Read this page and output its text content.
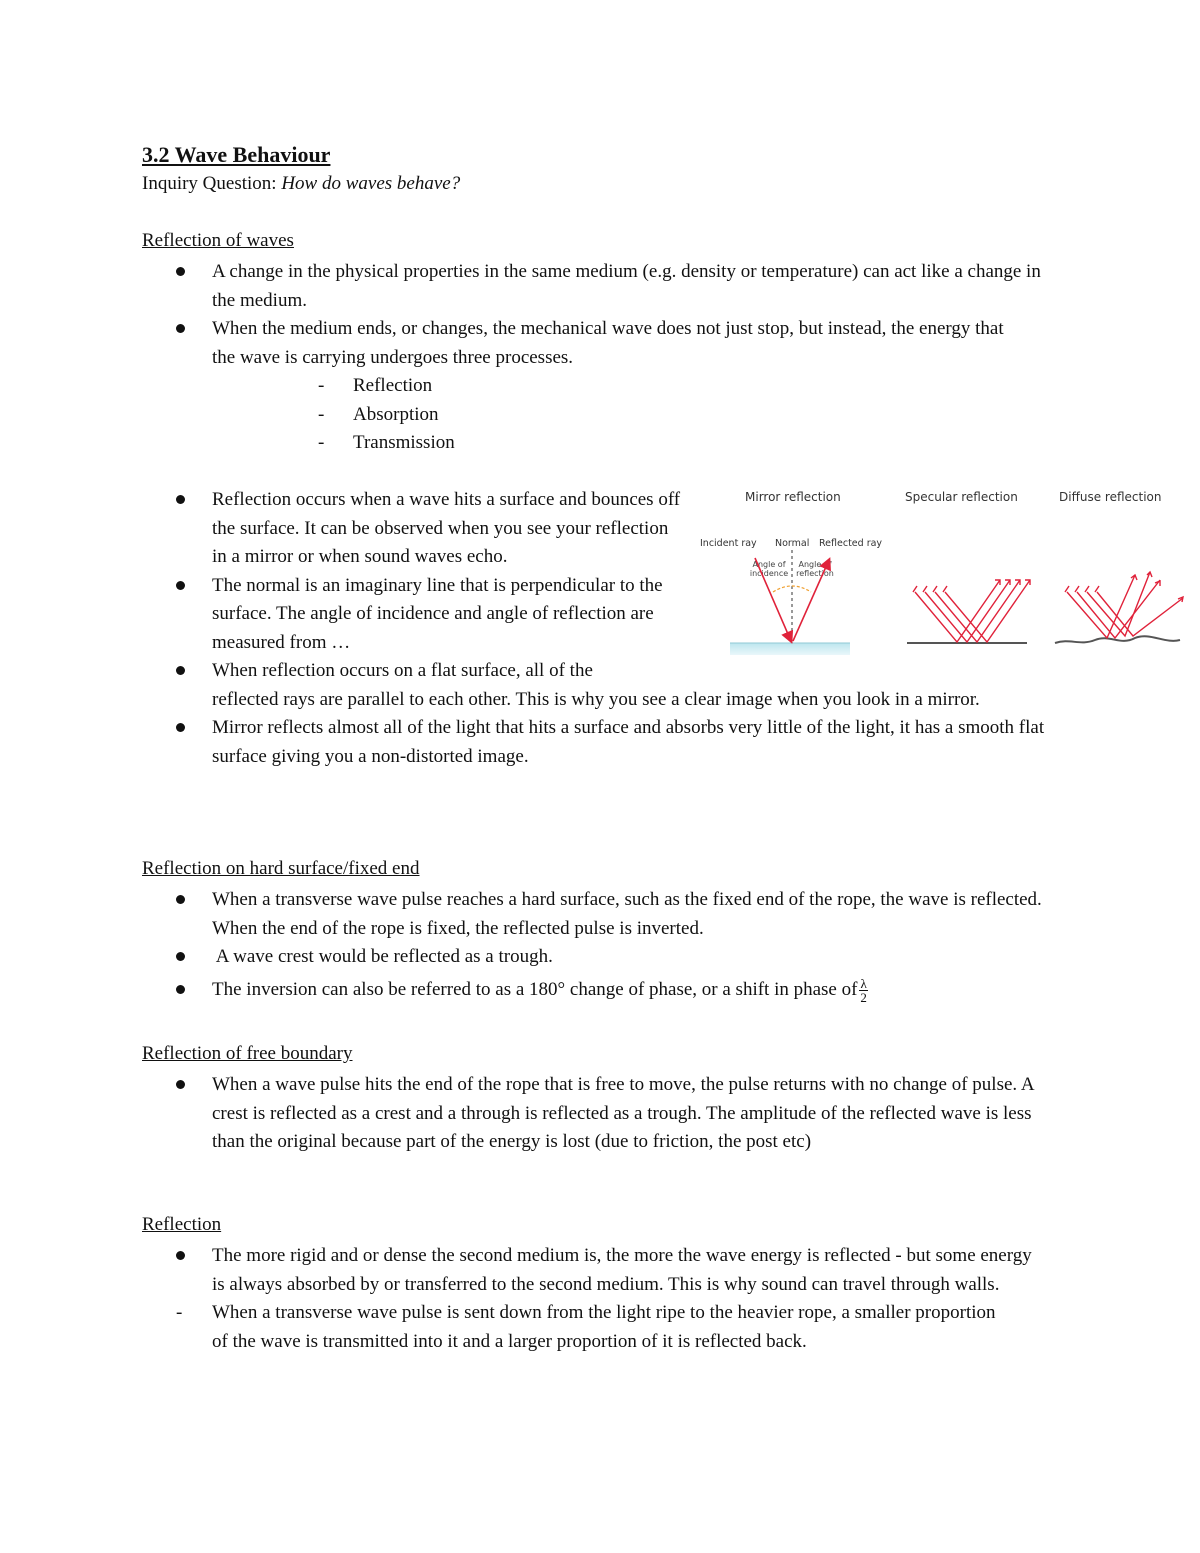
3.2 Wave Behaviour
Inquiry Question: How do waves behave?
Reflection of waves
A change in the physical properties in the same medium (e.g. density or temperature) can act like a change in the medium.
When the medium ends, or changes, the mechanical wave does not just stop, but instead, the energy that the wave is carrying undergoes three processes.
- Reflection
- Absorption
- Transmission
Reflection occurs when a wave hits a surface and bounces off the surface. It can be observed when you see your reflection in a mirror or when sound waves echo.
The normal is an imaginary line that is perpendicular to the surface. The angle of incidence and angle of reflection are measured from …
When reflection occurs on a flat surface, all of the
reflected rays are parallel to each other. This is why you see a clear image when you look in a mirror.
Mirror reflects almost all of the light that hits a surface and absorbs very little of the light, it has a smooth flat surface giving you a non-distorted image.
Mirror reflection	Specular reflection	Diffuse reflection
Incident ray Normal Reflected ray
Angle of incidence
Angle of reflection
Reflection on hard surface/fixed end
When a transverse wave pulse reaches a hard surface, such as the fixed end of the rope, the wave is reflected. When the end of the rope is fixed, the reflected pulse is inverted.
A wave crest would be reflected as a trough.
The inversion can also be referred to as a 180° change of phase, or a shift in phase of $\frac{\lambda}{2}$
Reflection of free boundary
When a wave pulse hits the end of the rope that is free to move, the pulse returns with no change of pulse. A crest is reflected as a crest and a through is reflected as a trough. The amplitude of the reflected wave is less than the original because part of the energy is lost (due to friction, the post etc)
Reflection
The more rigid and or dense the second medium is, the more the wave energy is reflected - but some energy is always absorbed by or transferred to the second medium. This is why sound can travel through walls.
- When a transverse wave pulse is sent down from the light ripe to the heavier rope, a smaller proportion of the wave is transmitted into it and a larger proportion of it is reflected back.
